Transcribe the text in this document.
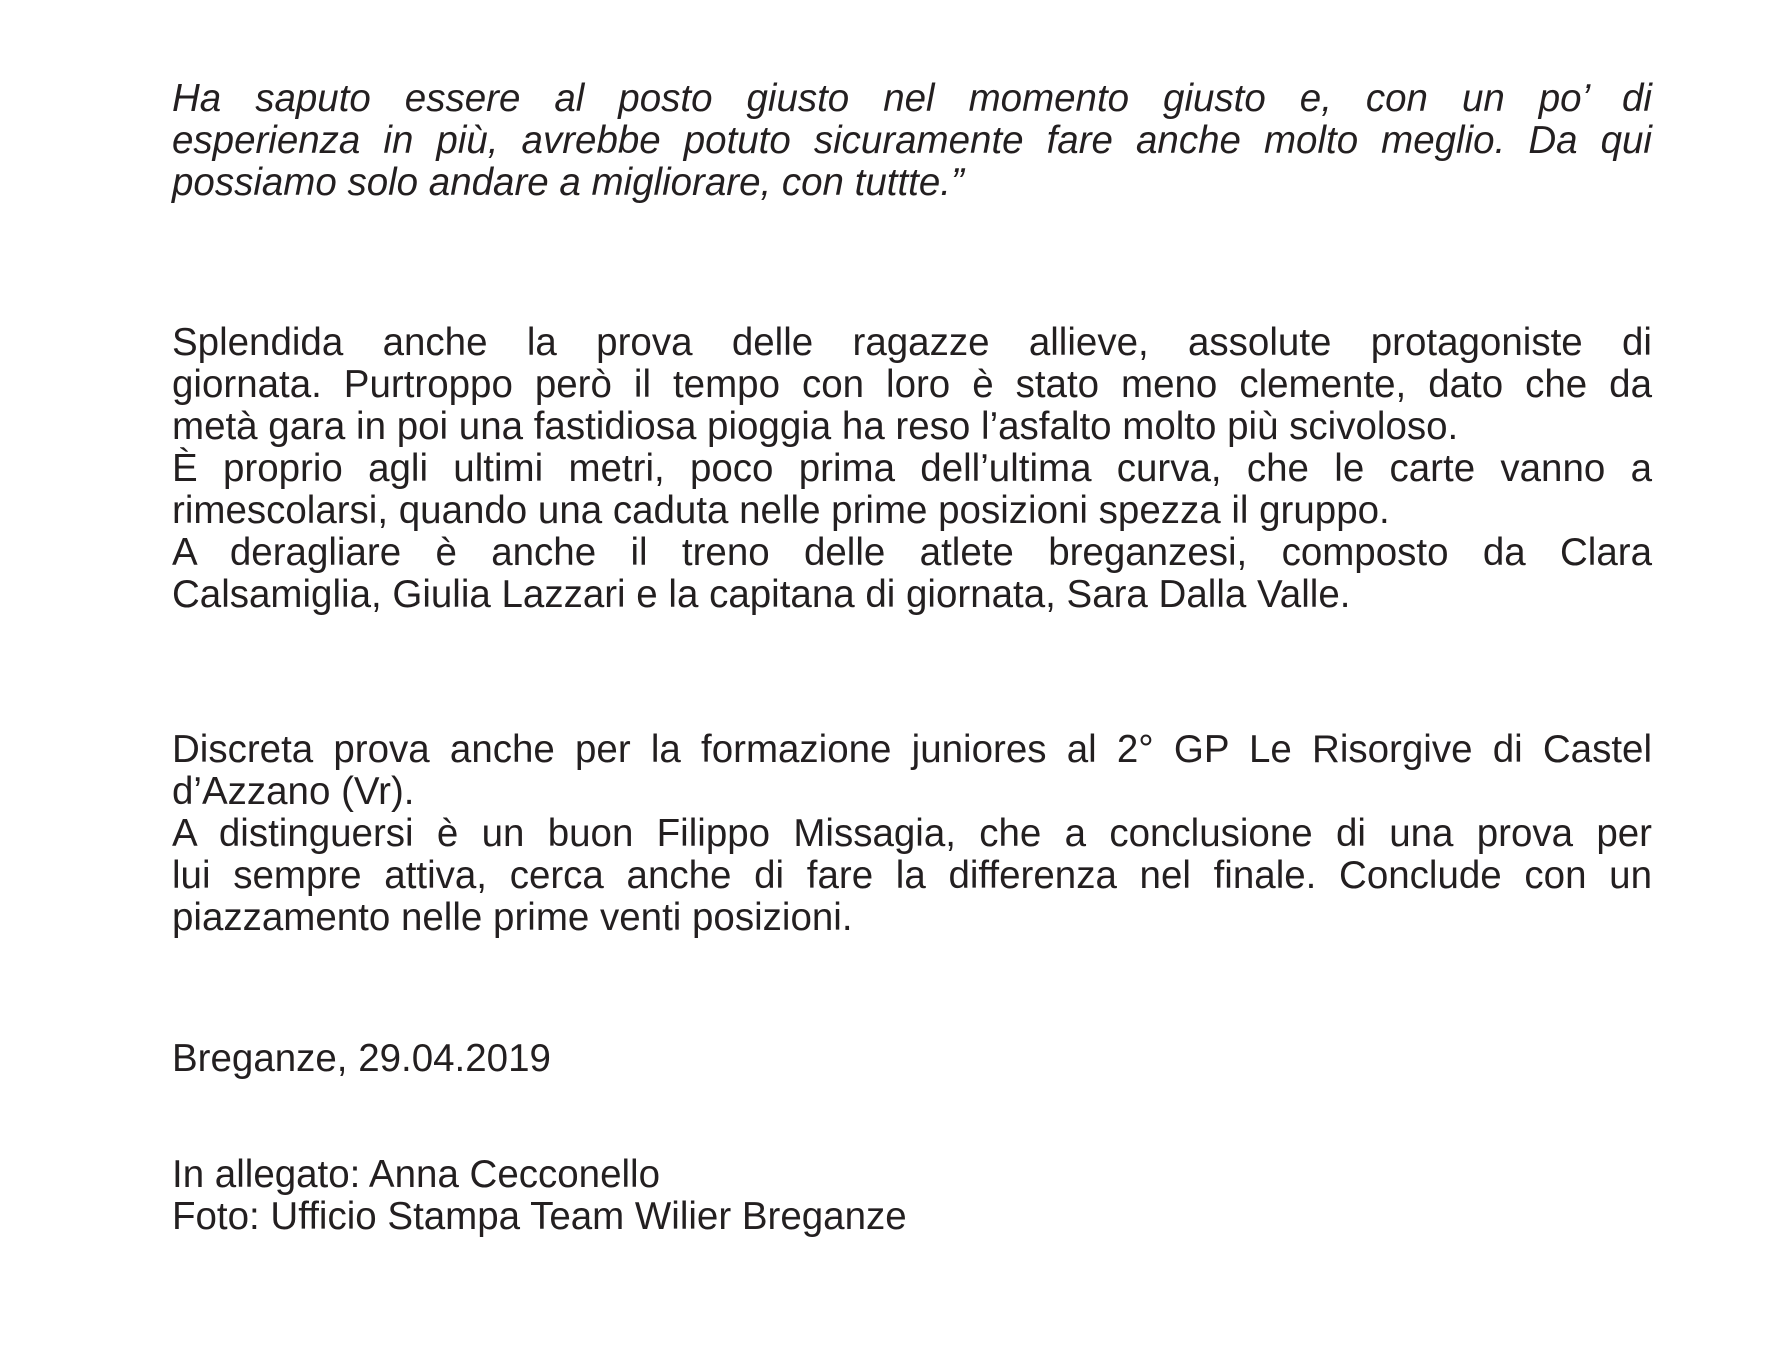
Ha saputo essere al posto giusto nel momento giusto e, con un po’ di
esperienza in più, avrebbe potuto sicuramente fare anche molto meglio. Da qui
possiamo solo andare a migliorare, con tuttte.”
Splendida anche la prova delle ragazze allieve, assolute protagoniste di
giornata. Purtroppo però il tempo con loro è stato meno clemente, dato che da
metà gara in poi una fastidiosa pioggia ha reso l’asfalto molto più scivoloso.
È proprio agli ultimi metri, poco prima dell’ultima curva, che le carte vanno a
rimescolarsi, quando una caduta nelle prime posizioni spezza il gruppo.
A deragliare è anche il treno delle atlete breganzesi, composto da Clara
Calsamiglia, Giulia Lazzari e la capitana di giornata, Sara Dalla Valle.
Discreta prova anche per la formazione juniores al 2° GP Le Risorgive di Castel
d’Azzano (Vr).
A distinguersi è un buon Filippo Missagia, che a conclusione di una prova per
lui sempre attiva, cerca anche di fare la differenza nel finale. Conclude con un
piazzamento nelle prime venti posizioni.
Breganze, 29.04.2019
In allegato: Anna Cecconello
Foto: Ufficio Stampa Team Wilier Breganze
